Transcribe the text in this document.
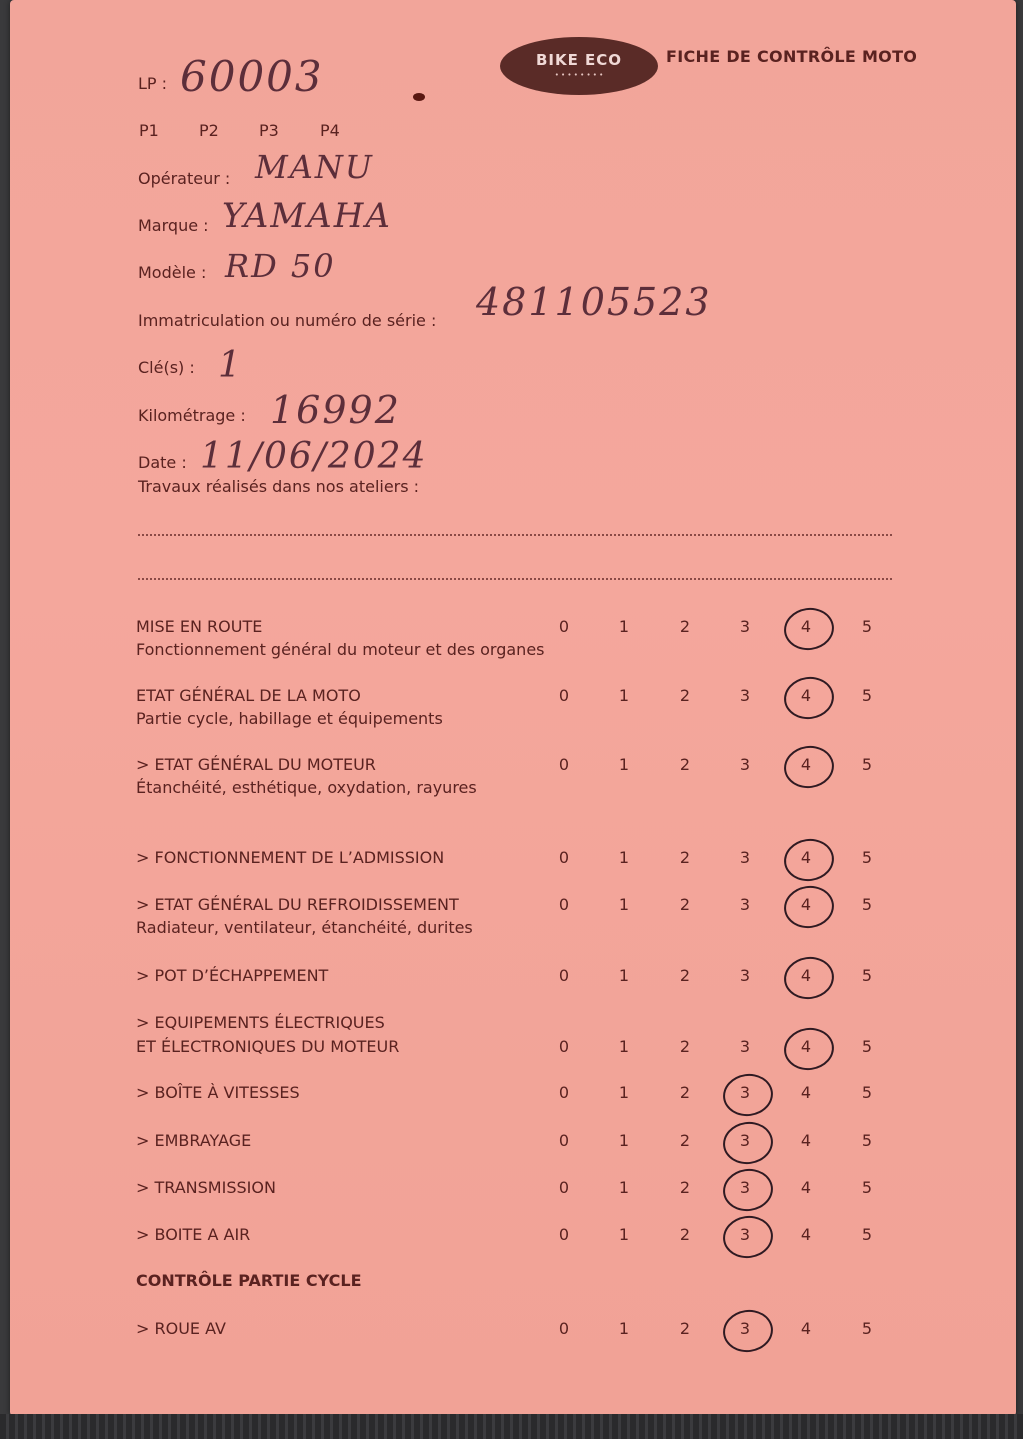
BIKE ECO
• • • • • • • •
FICHE DE CONTRÔLE MOTO
LP : 60003
P1	P2	P3	P4
Opérateur : MANU
Marque : YAMAHA
Modèle : RD 50
Immatriculation ou numéro de série : 481105523
Clé(s) : 1
Kilométrage : 16992
Date : 11/06/2024
Travaux réalisés dans nos ateliers :
MISE EN ROUTE
Fonctionnement général du moteur et des organes
0	1	2	3	4	5
ETAT GÉNÉRAL DE LA MOTO
Partie cycle, habillage et équipements
0	1	2	3	4	5
> ETAT GÉNÉRAL DU MOTEUR
Étanchéité, esthétique, oxydation, rayures
0	1	2	3	4	5
> FONCTIONNEMENT DE L’ADMISSION	0	1	2	3	4	5
> ETAT GÉNÉRAL DU REFROIDISSEMENT
Radiateur, ventilateur, étanchéité, durites
0	1	2	3	4	5
> POT D’ÉCHAPPEMENT	0	1	2	3	4	5
> EQUIPEMENTS ÉLECTRIQUES
ET ÉLECTRONIQUES DU MOTEUR	0	1	2	3	4	5
> BOÎTE À VITESSES	0	1	2	3	4	5
> EMBRAYAGE	0	1	2	3	4	5
> TRANSMISSION	0	1	2	3	4	5
> BOITE A AIR	0	1	2	3	4	5
CONTRÔLE PARTIE CYCLE
> ROUE AV	0	1	2	3	4	5
